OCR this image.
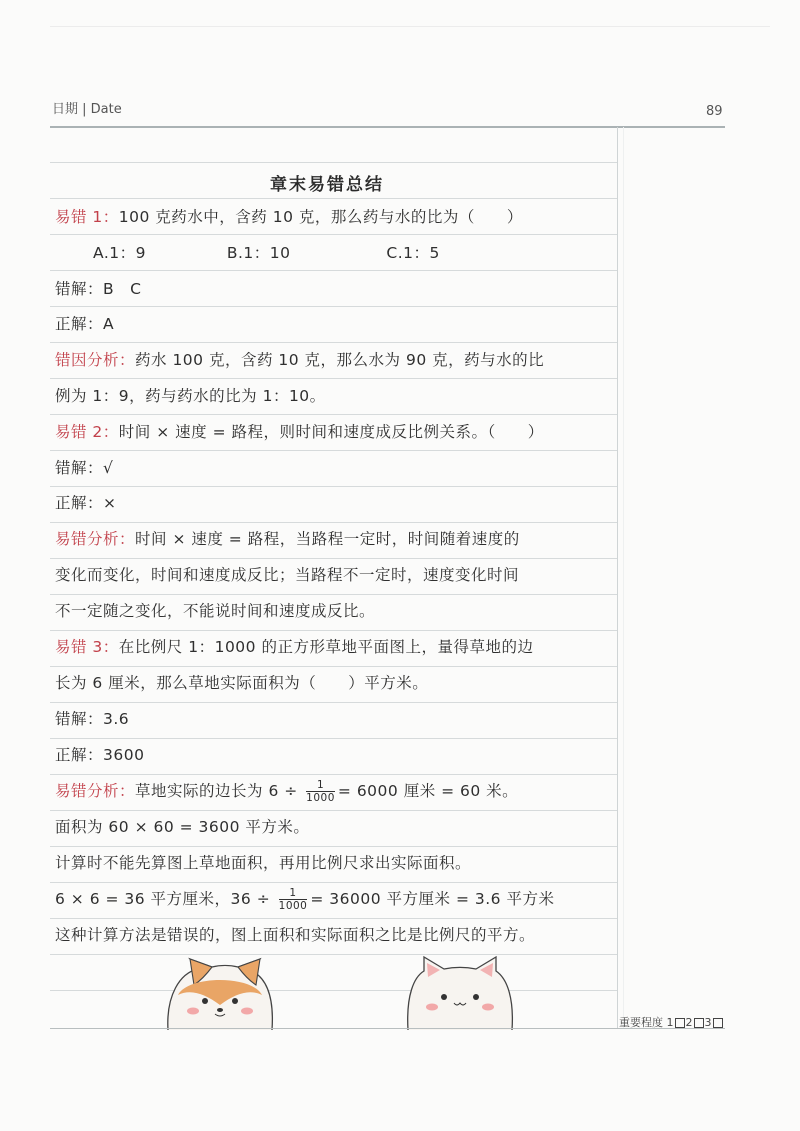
日期 | Date	89
章末易错总结
易错 1：100 克药水中，含药 10 克，那么药与水的比为（　　）
A.1：9	B.1：10	C.1：5
错解：B　C
正解：A
错因分析：药水 100 克，含药 10 克，那么水为 90 克，药与水的比
例为 1：9，药与药水的比为 1：10。
易错 2：时间 × 速度 = 路程，则时间和速度成反比例关系。（　　）
错解：√
正解：×
易错分析：时间 × 速度 = 路程，当路程一定时，时间随着速度的
变化而变化，时间和速度成反比；当路程不一定时，速度变化时间
不一定随之变化，不能说时间和速度成反比。
易错 3：在比例尺 1：1000 的正方形草地平面图上，量得草地的边
长为 6 厘米，那么草地实际面积为（　　）平方米。
错解：3.6
正解：3600
易错分析：草地实际的边长为 $6 \div \frac{1}{1000} = 6000$ 厘米 = 60 米。
面积为 60 × 60 = 3600 平方米。
计算时不能先算图上草地面积，再用比例尺求出实际面积。
6 × 6 = 36 平方厘米，$36 \div \frac{1}{1000} = 36000$ 平方厘米 = 3.6 平方米
这种计算方法是错误的，图上面积和实际面积之比是比例尺的平方。
重要程度 1 2 3
